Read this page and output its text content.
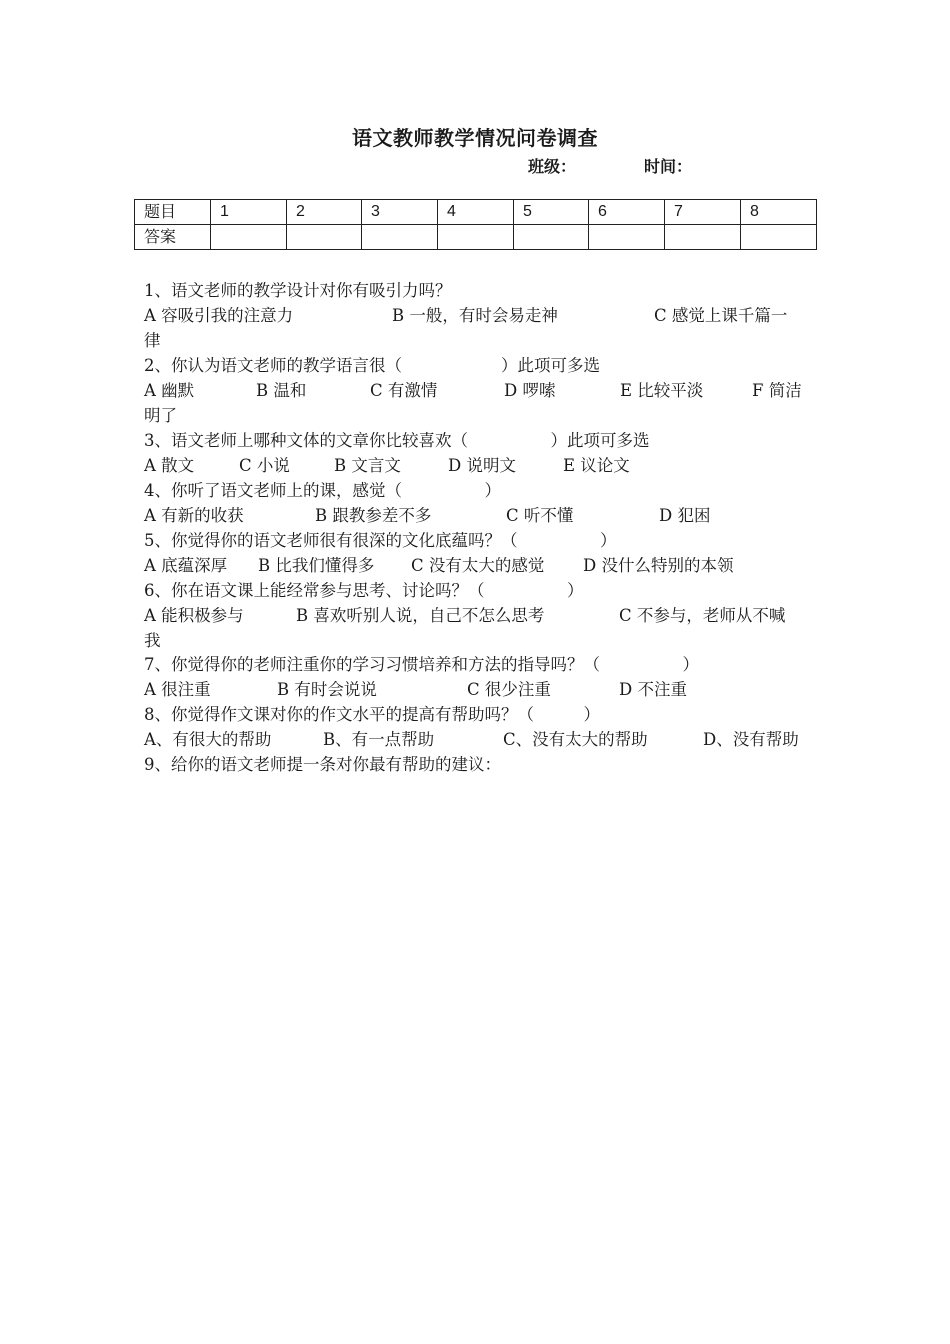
语文教师教学情况问卷调查
班级：	时间：
题目	1	2	3	4	5	6	7	8
答案								
1、语文老师的教学设计对你有吸引力吗？
A 容吸引我的注意力	B 一般，有时会易走神	C 感觉上课千篇一
律
2、你认为语文老师的教学语言很（　　　　　　）此项可多选
A 幽默	B 温和	C 有激情	D 啰嗦	E 比较平淡	F 简洁
明了
3、语文老师上哪种文体的文章你比较喜欢（　　　　　）此项可多选
A 散文	C 小说	B 文言文	D 说明文	E 议论文
4、你听了语文老师上的课，感觉（　　　　　）
A 有新的收获	B 跟教参差不多	C 听不懂	D 犯困
5、你觉得你的语文老师很有很深的文化底蕴吗？（　　　　　）
A 底蕴深厚 B 比我们懂得多 C 没有太大的感觉 D 没什么特别的本领
6、你在语文课上能经常参与思考、讨论吗？（　　　　　）
A 能积极参与	B 喜欢听别人说，自己不怎么思考	C 不参与，老师从不喊
我
7、你觉得你的老师注重你的学习习惯培养和方法的指导吗？（　　　　　）
A 很注重	B 有时会说说	C 很少注重	D 不注重
8、你觉得作文课对你的作文水平的提高有帮助吗？（　　　）
A、有很大的帮助	B、有一点帮助	C、没有太大的帮助	D、没有帮助
9、给你的语文老师提一条对你最有帮助的建议：
